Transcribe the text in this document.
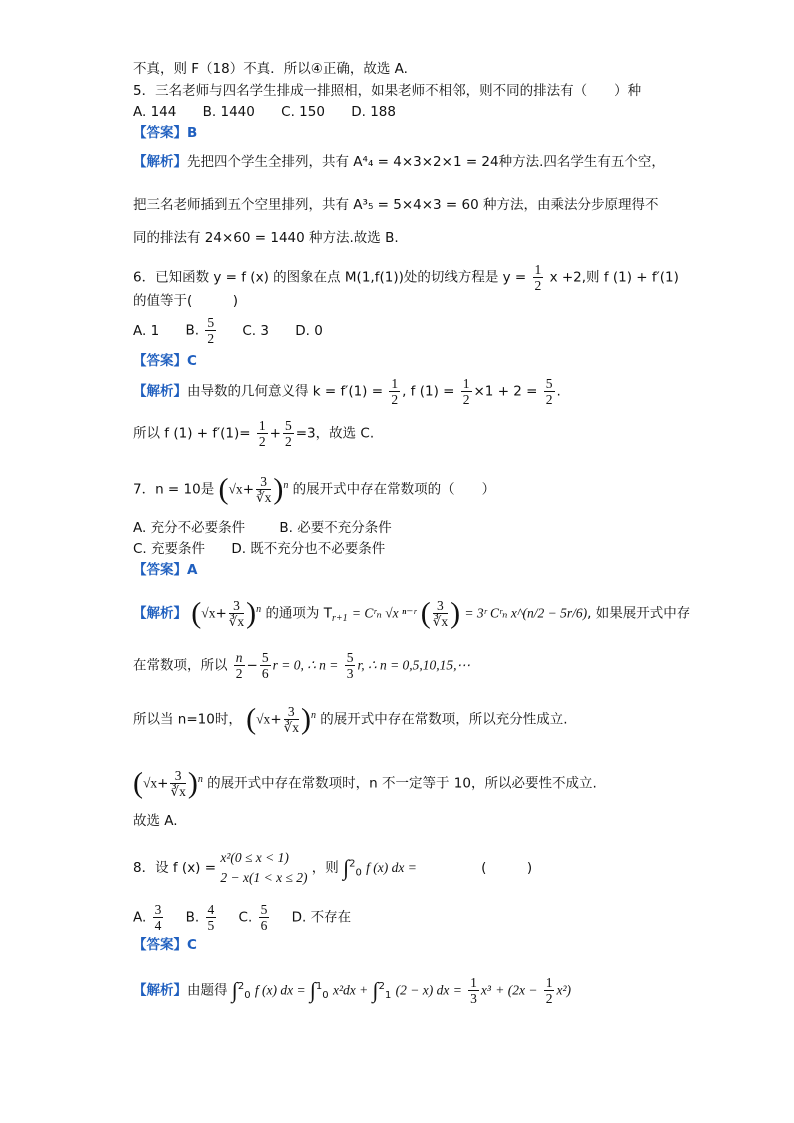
不真，则 F（18）不真．所以④正确，故选 A.
5．三名老师与四名学生排成一排照相，如果老师不相邻，则不同的排法有（　　）种
A. 144 B. 1440 C. 150 D. 188
【答案】B
【解析】先把四个学生全排列，共有 A⁴₄ = 4×3×2×1 = 24种方法.四名学生有五个空，
把三名老师插到五个空里排列，共有 A³₅ = 5×4×3 = 60 种方法，由乘法分步原理得不
同的排法有 24×60 = 1440 种方法.故选 B.
6．已知函数 y = f (x) 的图象在点 M(1,f(1))处的切线方程是 $y = \frac{1}{2}$ x +2,则 f (1) + f′(1)
的值等于(　　　)
A. 1 B. $\frac{5}{2} C$. 3 D. 0
【答案】C
【解析】由导数的几何意义得 $k = f'(1) = \frac{1}{2}$ , f $(1) = \frac{1}{2} \times 1 + 2 = \frac{5}{2}$ .
所以 f $(1) + f'(1)= \frac{1}{2} + \frac{5}{2} =3$，故选 C.
7．n = 10是 $(√x+ \frac{3}{∛x} )^n$ 的展开式中存在常数项的（　　）
A. 充分不必要条件	B. 必要不充分条件
C. 充要条件 D. 既不充分也不必要条件
【答案】A
【解析】 $(√x+ \frac{3}{∛x} )^n$ 的通项为 $T_{r+1}$ = Cʳₙ √x ⁿ⁻ʳ ( $\frac{3}{∛x}$ ) = 3ʳ Cʳₙ x^(n/2 − 5r/6), 如果展开式中存
在常数项，所以 $\frac{n}{2} - \frac{5}{6}$ r = 0, ∴ $n = \frac{5}{3} r$, ∴ n = 0,5,10,15,⋯
所以当 n=10时， $(√x+ \frac{3}{∛x} )^n$ 的展开式中存在常数项，所以充分性成立.
$(√x+ \frac{3}{∛x} )^n$ 的展开式中存在常数项时，n 不一定等于 10，所以必要性不成立.
故选 A.
8．设 f (x) =
x²(0 ≤ x < 1)
2 − x(1 < x ≤ 2)
，则 ∫$^2_0$ f (x) dx =	(　　　)
A. $\frac{3}{4} B$. $\frac{4}{5} C$. $\frac{5}{6} D$. 不存在
【答案】C
【解析】由题得 ∫$^2_0$ f (x) dx = ∫$^1_0$ x²dx + ∫$^2_1$ (2 − x) dx = $\frac{1}{3} x^3 + (2x - \frac{1}{2} x^2)$
